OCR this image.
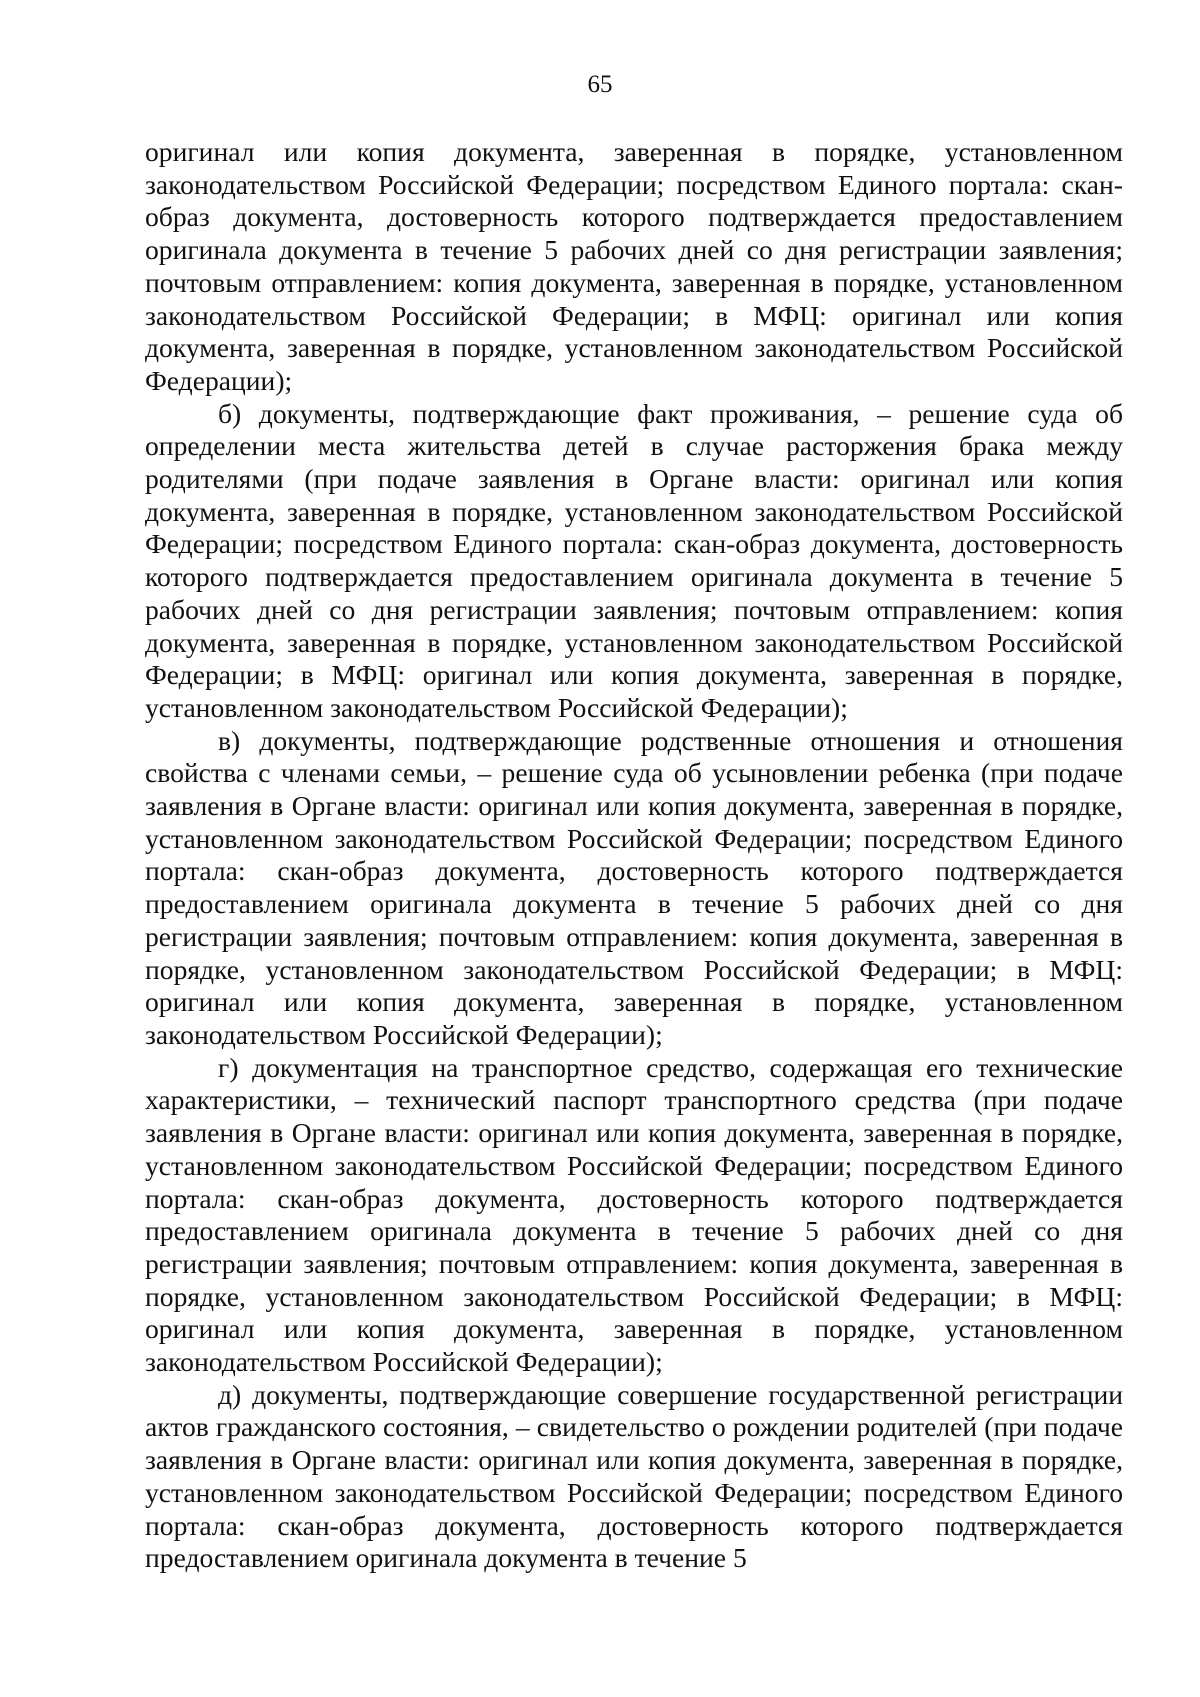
65

оригинал или копия документа, заверенная в порядке, установленном законодательством Российской Федерации; посредством Единого портала: скан-образ документа, достоверность которого подтверждается предоставлением оригинала документа в течение 5 рабочих дней со дня регистрации заявления; почтовым отправлением: копия документа, заверенная в порядке, установленном законодательством Российской Федерации; в МФЦ: оригинал или копия документа, заверенная в порядке, установленном законодательством Российской Федерации);

б) документы, подтверждающие факт проживания, – решение суда об определении места жительства детей в случае расторжения брака между родителями (при подаче заявления в Органе власти: оригинал или копия документа, заверенная в порядке, установленном законодательством Российской Федерации; посредством Единого портала: скан-образ документа, достоверность которого подтверждается предоставлением оригинала документа в течение 5 рабочих дней со дня регистрации заявления; почтовым отправлением: копия документа, заверенная в порядке, установленном законодательством Российской Федерации; в МФЦ: оригинал или копия документа, заверенная в порядке, установленном законодательством Российской Федерации);

в) документы, подтверждающие родственные отношения и отношения свойства с членами семьи, – решение суда об усыновлении ребенка (при подаче заявления в Органе власти: оригинал или копия документа, заверенная в порядке, установленном законодательством Российской Федерации; посредством Единого портала: скан-образ документа, достоверность которого подтверждается предоставлением оригинала документа в течение 5 рабочих дней со дня регистрации заявления; почтовым отправлением: копия документа, заверенная в порядке, установленном законодательством Российской Федерации; в МФЦ: оригинал или копия документа, заверенная в порядке, установленном законодательством Российской Федерации);

г) документация на транспортное средство, содержащая его технические характеристики, – технический паспорт транспортного средства (при подаче заявления в Органе власти: оригинал или копия документа, заверенная в порядке, установленном законодательством Российской Федерации; посредством Единого портала: скан-образ документа, достоверность которого подтверждается предоставлением оригинала документа в течение 5 рабочих дней со дня регистрации заявления; почтовым отправлением: копия документа, заверенная в порядке, установленном законодательством Российской Федерации; в МФЦ: оригинал или копия документа, заверенная в порядке, установленном законодательством Российской Федерации);

д) документы, подтверждающие совершение государственной регистрации актов гражданского состояния, – свидетельство о рождении родителей (при подаче заявления в Органе власти: оригинал или копия документа, заверенная в порядке, установленном законодательством Российской Федерации; посредством Единого портала: скан-образ документа, достоверность которого подтверждается предоставлением оригинала документа в течение 5
